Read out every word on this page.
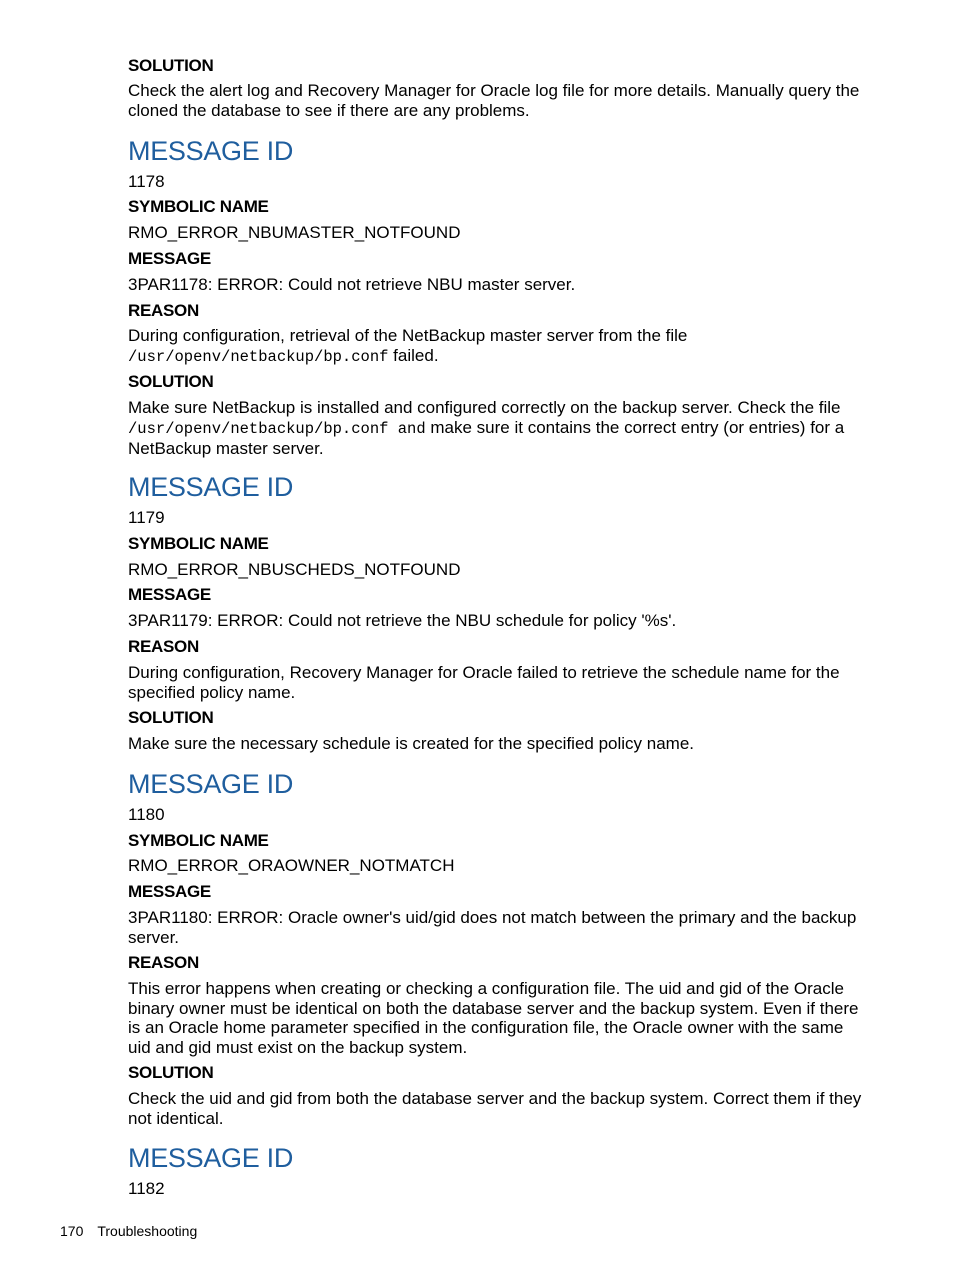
SOLUTION

Check the alert log and Recovery Manager for Oracle log file for more details. Manually query the cloned the database to see if there are any problems.

MESSAGE ID

1178

SYMBOLIC NAME

RMO_ERROR_NBUMASTER_NOTFOUND

MESSAGE

3PAR1178: ERROR: Could not retrieve NBU master server.

REASON

During configuration, retrieval of the NetBackup master server from the file
/usr/openv/netbackup/bp.conf failed.

SOLUTION

Make sure NetBackup is installed and configured correctly on the backup server. Check the file
/usr/openv/netbackup/bp.conf and make sure it contains the correct entry (or entries) for a NetBackup master server.

MESSAGE ID

1179

SYMBOLIC NAME

RMO_ERROR_NBUSCHEDS_NOTFOUND

MESSAGE

3PAR1179: ERROR: Could not retrieve the NBU schedule for policy '%s'.

REASON

During configuration, Recovery Manager for Oracle failed to retrieve the schedule name for the specified policy name.

SOLUTION

Make sure the necessary schedule is created for the specified policy name.

MESSAGE ID

1180

SYMBOLIC NAME

RMO_ERROR_ORAOWNER_NOTMATCH

MESSAGE

3PAR1180: ERROR: Oracle owner's uid/gid does not match between the primary and the backup server.

REASON

This error happens when creating or checking a configuration file. The uid and gid of the Oracle binary owner must be identical on both the database server and the backup system. Even if there is an Oracle home parameter specified in the configuration file, the Oracle owner with the same uid and gid must exist on the backup system.

SOLUTION

Check the uid and gid from both the database server and the backup system. Correct them if they not identical.

MESSAGE ID

1182

170 Troubleshooting
